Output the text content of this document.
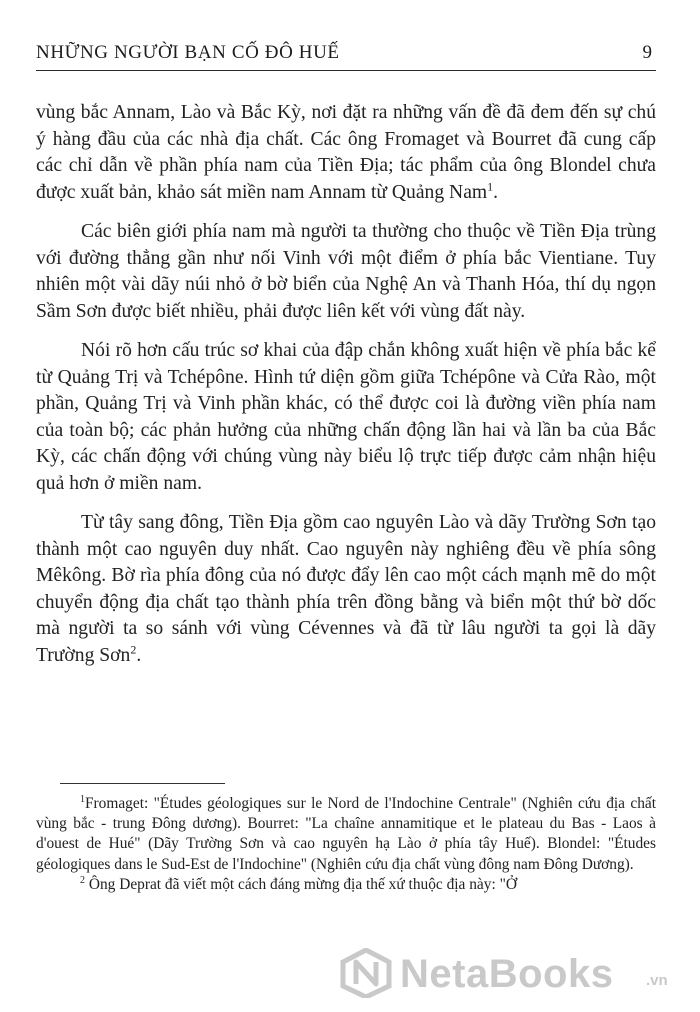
NHỮNG NGƯỜI BẠN CỐ ĐÔ HUẾ	9

vùng bắc Annam, Lào và Bắc Kỳ, nơi đặt ra những vấn đề đã đem đến sự chú ý hàng đầu của các nhà địa chất. Các ông Fromaget và Bourret đã cung cấp các chỉ dẫn về phần phía nam của Tiền Địa; tác phẩm của ông Blondel chưa được xuất bản, khảo sát miền nam Annam từ Quảng Nam$^1$.

Các biên giới phía nam mà người ta thường cho thuộc về Tiền Địa trùng với đường thẳng gần như nối Vinh với một điểm ở phía bắc Vientiane. Tuy nhiên một vài dãy núi nhỏ ở bờ biển của Nghệ An và Thanh Hóa, thí dụ ngọn Sầm Sơn được biết nhiều, phải được liên kết với vùng đất này.

Nói rõ hơn cấu trúc sơ khai của đập chắn không xuất hiện về phía bắc kể từ Quảng Trị và Tchépône. Hình tứ diện gồm giữa Tchépône và Cửa Rào, một phần, Quảng Trị và Vinh phần khác, có thể được coi là đường viền phía nam của toàn bộ; các phản hưởng của những chấn động lần hai và lần ba của Bắc Kỳ, các chấn động với chúng vùng này biểu lộ trực tiếp được cảm nhận hiệu quả hơn ở miền nam.

Từ tây sang đông, Tiền Địa gồm cao nguyên Lào và dãy Trường Sơn tạo thành một cao nguyên duy nhất. Cao nguyên này nghiêng đều về phía sông Mêkông. Bờ rìa phía đông của nó được đẩy lên cao một cách mạnh mẽ do một chuyển động địa chất tạo thành phía trên đồng bằng và biển một thứ bờ dốc mà người ta so sánh với vùng Cévennes và đã từ lâu người ta gọi là dãy Trường Sơn$^2$.

$^1$Fromaget: "Études géologiques sur le Nord de l'Indochine Centrale" (Nghiên cứu địa chất vùng bắc - trung Đông dương). Bourret: "La chaîne annamitique et le plateau du Bas - Laos à d'ouest de Hué" (Dãy Trường Sơn và cao nguyên hạ Lào ở phía tây Huế). Blondel: "Études géologiques dans le Sud-Est de l'Indochine" (Nghiên cứu địa chất vùng đông nam Đông Dương).

$^2$ Ông Deprat đã viết một cách đáng mừng địa thế xứ thuộc địa này: "Ở

NetaBooks .vn
